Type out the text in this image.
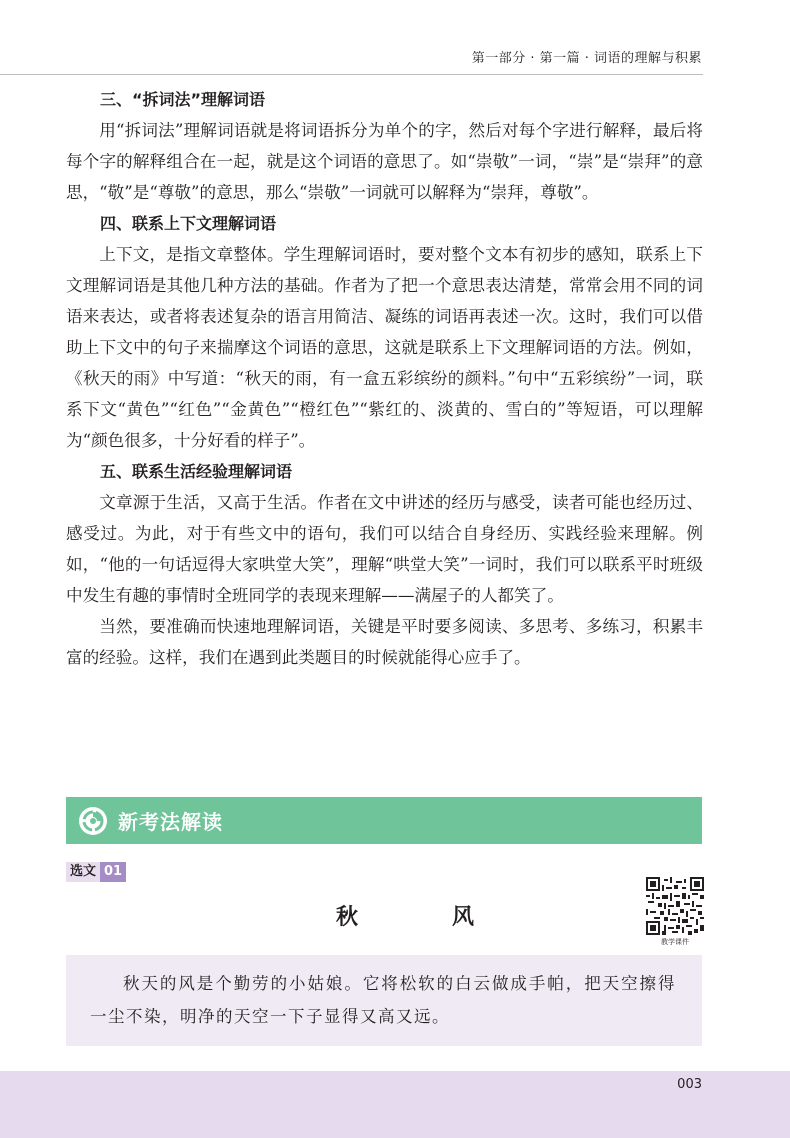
第一部分 · 第一篇 · 词语的理解与积累

三、“拆词法”理解词语

用“拆词法”理解词语就是将词语拆分为单个的字，然后对每个字进行解释，最后将每个字的解释组合在一起，就是这个词语的意思了。如“崇敬”一词，“崇”是“崇拜”的意思，“敬”是“尊敬”的意思，那么“崇敬”一词就可以解释为“崇拜，尊敬”。

四、联系上下文理解词语

上下文，是指文章整体。学生理解词语时，要对整个文本有初步的感知，联系上下文理解词语是其他几种方法的基础。作者为了把一个意思表达清楚，常常会用不同的词语来表达，或者将表述复杂的语言用简洁、凝练的词语再表述一次。这时，我们可以借助上下文中的句子来揣摩这个词语的意思，这就是联系上下文理解词语的方法。例如，《秋天的雨》中写道：“秋天的雨，有一盒五彩缤纷的颜料。”句中“五彩缤纷”一词，联系下文“黄色”“红色”“金黄色”“橙红色”“紫红的、淡黄的、雪白的”等短语，可以理解为“颜色很多，十分好看的样子”。

五、联系生活经验理解词语

文章源于生活，又高于生活。作者在文中讲述的经历与感受，读者可能也经历过、感受过。为此，对于有些文中的语句，我们可以结合自身经历、实践经验来理解。例如，“他的一句话逗得大家哄堂大笑”，理解“哄堂大笑”一词时，我们可以联系平时班级中发生有趣的事情时全班同学的表现来理解——满屋子的人都笑了。

当然，要准确而快速地理解词语，关键是平时要多阅读、多思考、多练习，积累丰富的经验。这样，我们在遇到此类题目的时候就能得心应手了。

新考法解读
选文 01
秋　风
教学课件

秋天的风是个勤劳的小姑娘。它将松软的白云做成手帕，把天空擦得一尘不染，明净的天空一下子显得又高又远。

003
